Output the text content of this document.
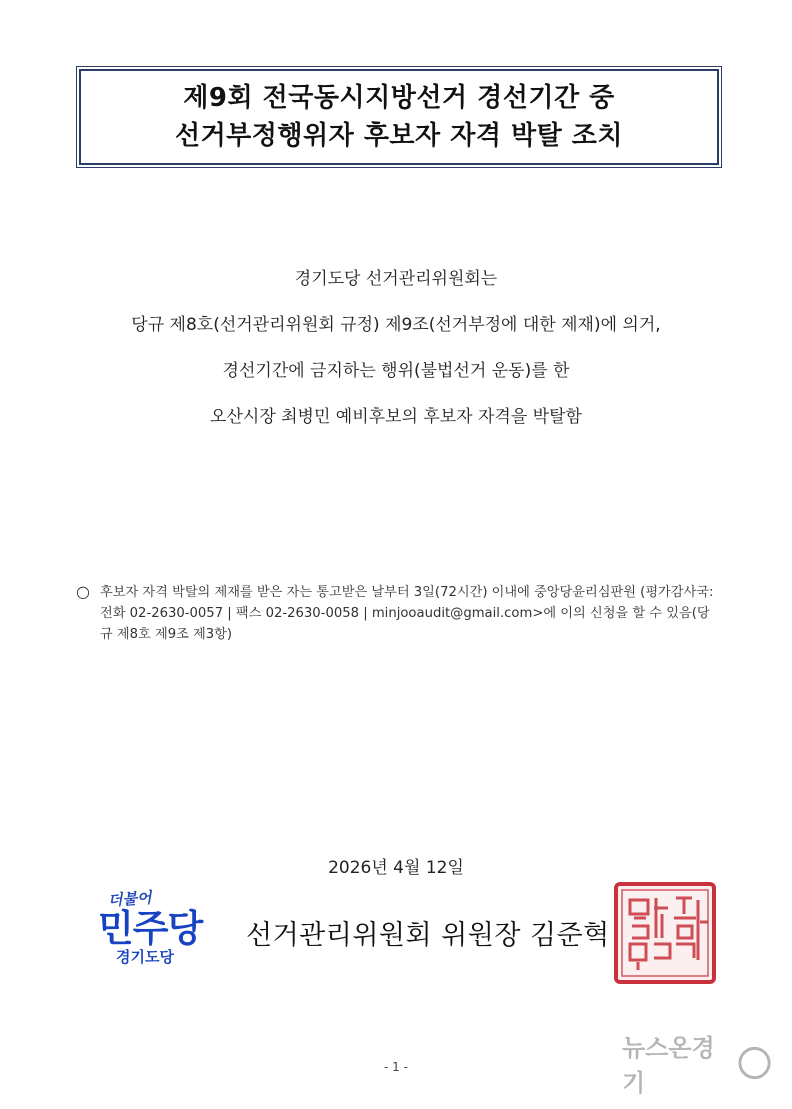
제9회 전국동시지방선거 경선기간 중
선거부정행위자 후보자 자격 박탈 조치
경기도당 선거관리위원회는
당규 제8호(선거관리위원회 규정) 제9조(선거부정에 대한 제재)에 의거,
경선기간에 금지하는 행위(불법선거 운동)를 한
오산시장 최병민 예비후보의 후보자 자격을 박탈함
○ 후보자 자격 박탈의 제재를 받은 자는 통고받은 날부터 3일(72시간) 이내에 중앙당윤리심판원 (평가감사국: 전화 02-2630-0057 | 팩스 02-2630-0058 | minjooaudit@gmail.com>에 이의 신청을 할 수 있음(당규 제8호 제9조 제3항)
2026년 4월 12일
더불어
민주당
경기도당
선거관리위원회 위원장 김준혁
- 1 -
뉴스온경기
